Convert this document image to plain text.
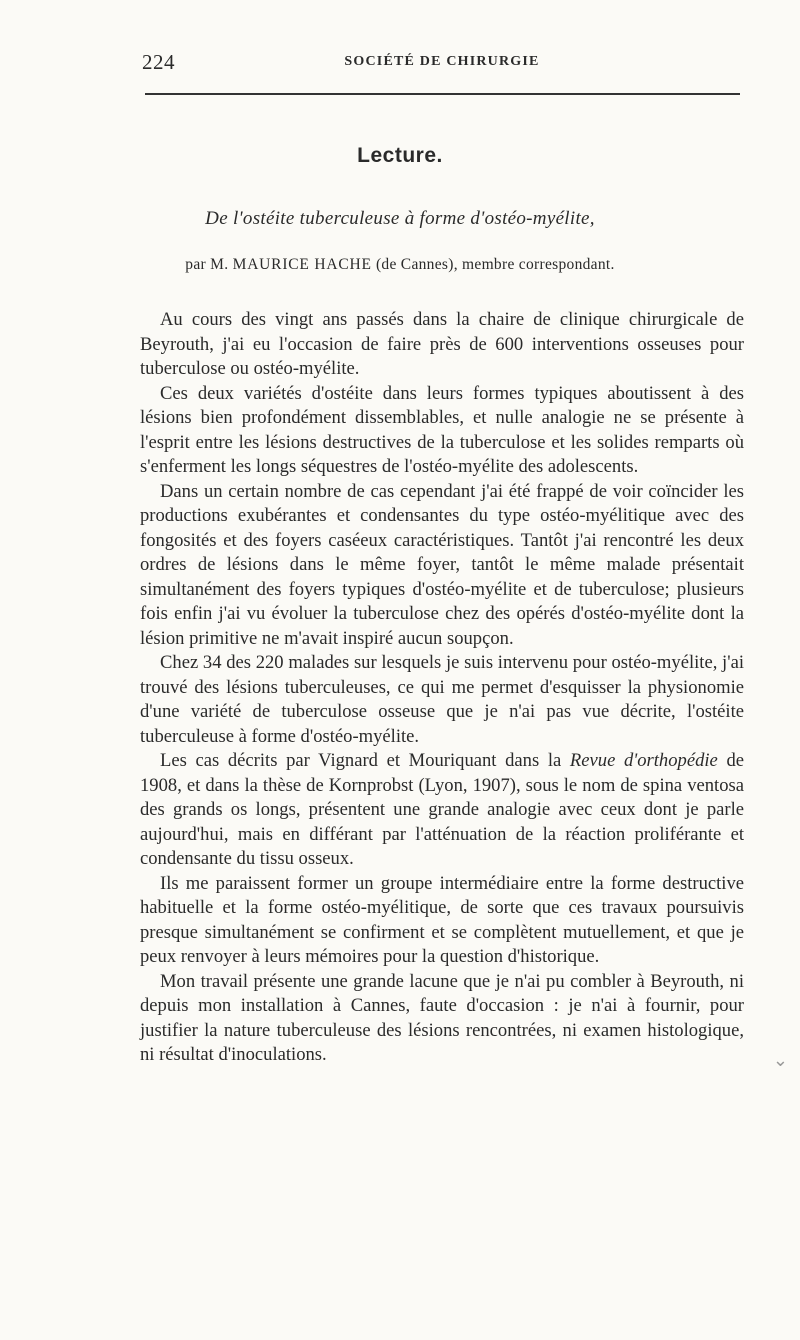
224	SOCIÉTÉ DE CHIRURGIE
Lecture.
De l'ostéite tuberculeuse à forme d'ostéo-myélite,
par M. MAURICE HACHE (de Cannes), membre correspondant.

Au cours des vingt ans passés dans la chaire de clinique chirurgicale de Beyrouth, j'ai eu l'occasion de faire près de 600 interventions osseuses pour tuberculose ou ostéo-myélite.

Ces deux variétés d'ostéite dans leurs formes typiques aboutissent à des lésions bien profondément dissemblables, et nulle analogie ne se présente à l'esprit entre les lésions destructives de la tuberculose et les solides remparts où s'enferment les longs séquestres de l'ostéo-myélite des adolescents.

Dans un certain nombre de cas cependant j'ai été frappé de voir coïncider les productions exubérantes et condensantes du type ostéo-myélitique avec des fongosités et des foyers caséeux caractéristiques. Tantôt j'ai rencontré les deux ordres de lésions dans le même foyer, tantôt le même malade présentait simultanément des foyers typiques d'ostéo-myélite et de tuberculose; plusieurs fois enfin j'ai vu évoluer la tuberculose chez des opérés d'ostéo-myélite dont la lésion primitive ne m'avait inspiré aucun soupçon.

Chez 34 des 220 malades sur lesquels je suis intervenu pour ostéo-myélite, j'ai trouvé des lésions tuberculeuses, ce qui me permet d'esquisser la physionomie d'une variété de tuberculose osseuse que je n'ai pas vue décrite, l'ostéite tuberculeuse à forme d'ostéo-myélite.

Les cas décrits par Vignard et Mouriquant dans la Revue d'orthopédie de 1908, et dans la thèse de Kornprobst (Lyon, 1907), sous le nom de spina ventosa des grands os longs, présentent une grande analogie avec ceux dont je parle aujourd'hui, mais en différant par l'atténuation de la réaction proliférante et condensante du tissu osseux.

Ils me paraissent former un groupe intermédiaire entre la forme destructive habituelle et la forme ostéo-myélitique, de sorte que ces travaux poursuivis presque simultanément se confirment et se complètent mutuellement, et que je peux renvoyer à leurs mémoires pour la question d'historique.

Mon travail présente une grande lacune que je n'ai pu combler à Beyrouth, ni depuis mon installation à Cannes, faute d'occasion : je n'ai à fournir, pour justifier la nature tuberculeuse des lésions rencontrées, ni examen histologique, ni résultat d'inoculations.	⌄
